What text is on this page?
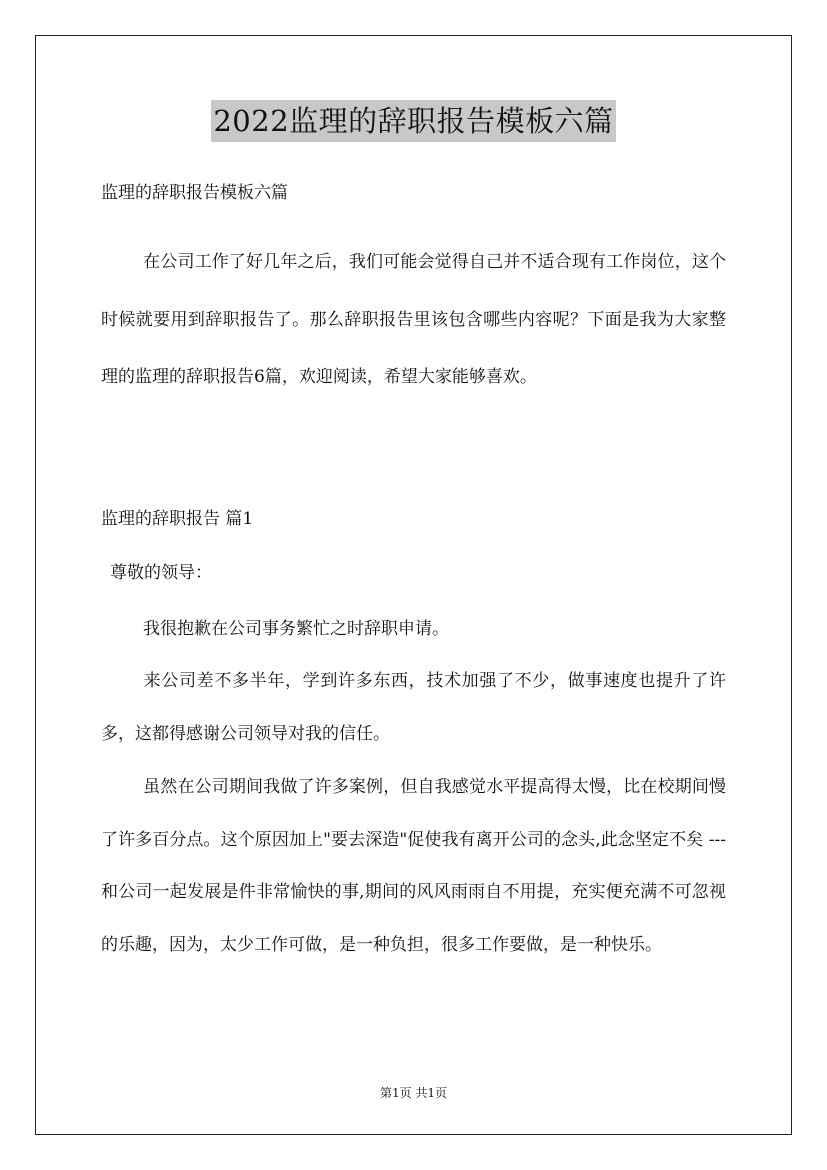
2022监理的辞职报告模板六篇
监理的辞职报告模板六篇

在公司工作了好几年之后，我们可能会觉得自己并不适合现有工作岗位，这个时候就要用到辞职报告了。那么辞职报告里该包含哪些内容呢？下面是我为大家整理的监理的辞职报告6篇，欢迎阅读，希望大家能够喜欢。

监理的辞职报告 篇1
尊敬的领导：

我很抱歉在公司事务繁忙之时辞职申请。

来公司差不多半年，学到许多东西，技术加强了不少，做事速度也提升了许多，这都得感谢公司领导对我的信任。

虽然在公司期间我做了许多案例，但自我感觉水平提高得太慢，比在校期间慢了许多百分点。这个原因加上"要去深造"促使我有离开公司的念头,此念坚定不矣 ---和公司一起发展是件非常愉快的事,期间的风风雨雨自不用提，充实便充满不可忽视的乐趣，因为，太少工作可做，是一种负担，很多工作要做，是一种快乐。

第1页 共1页
